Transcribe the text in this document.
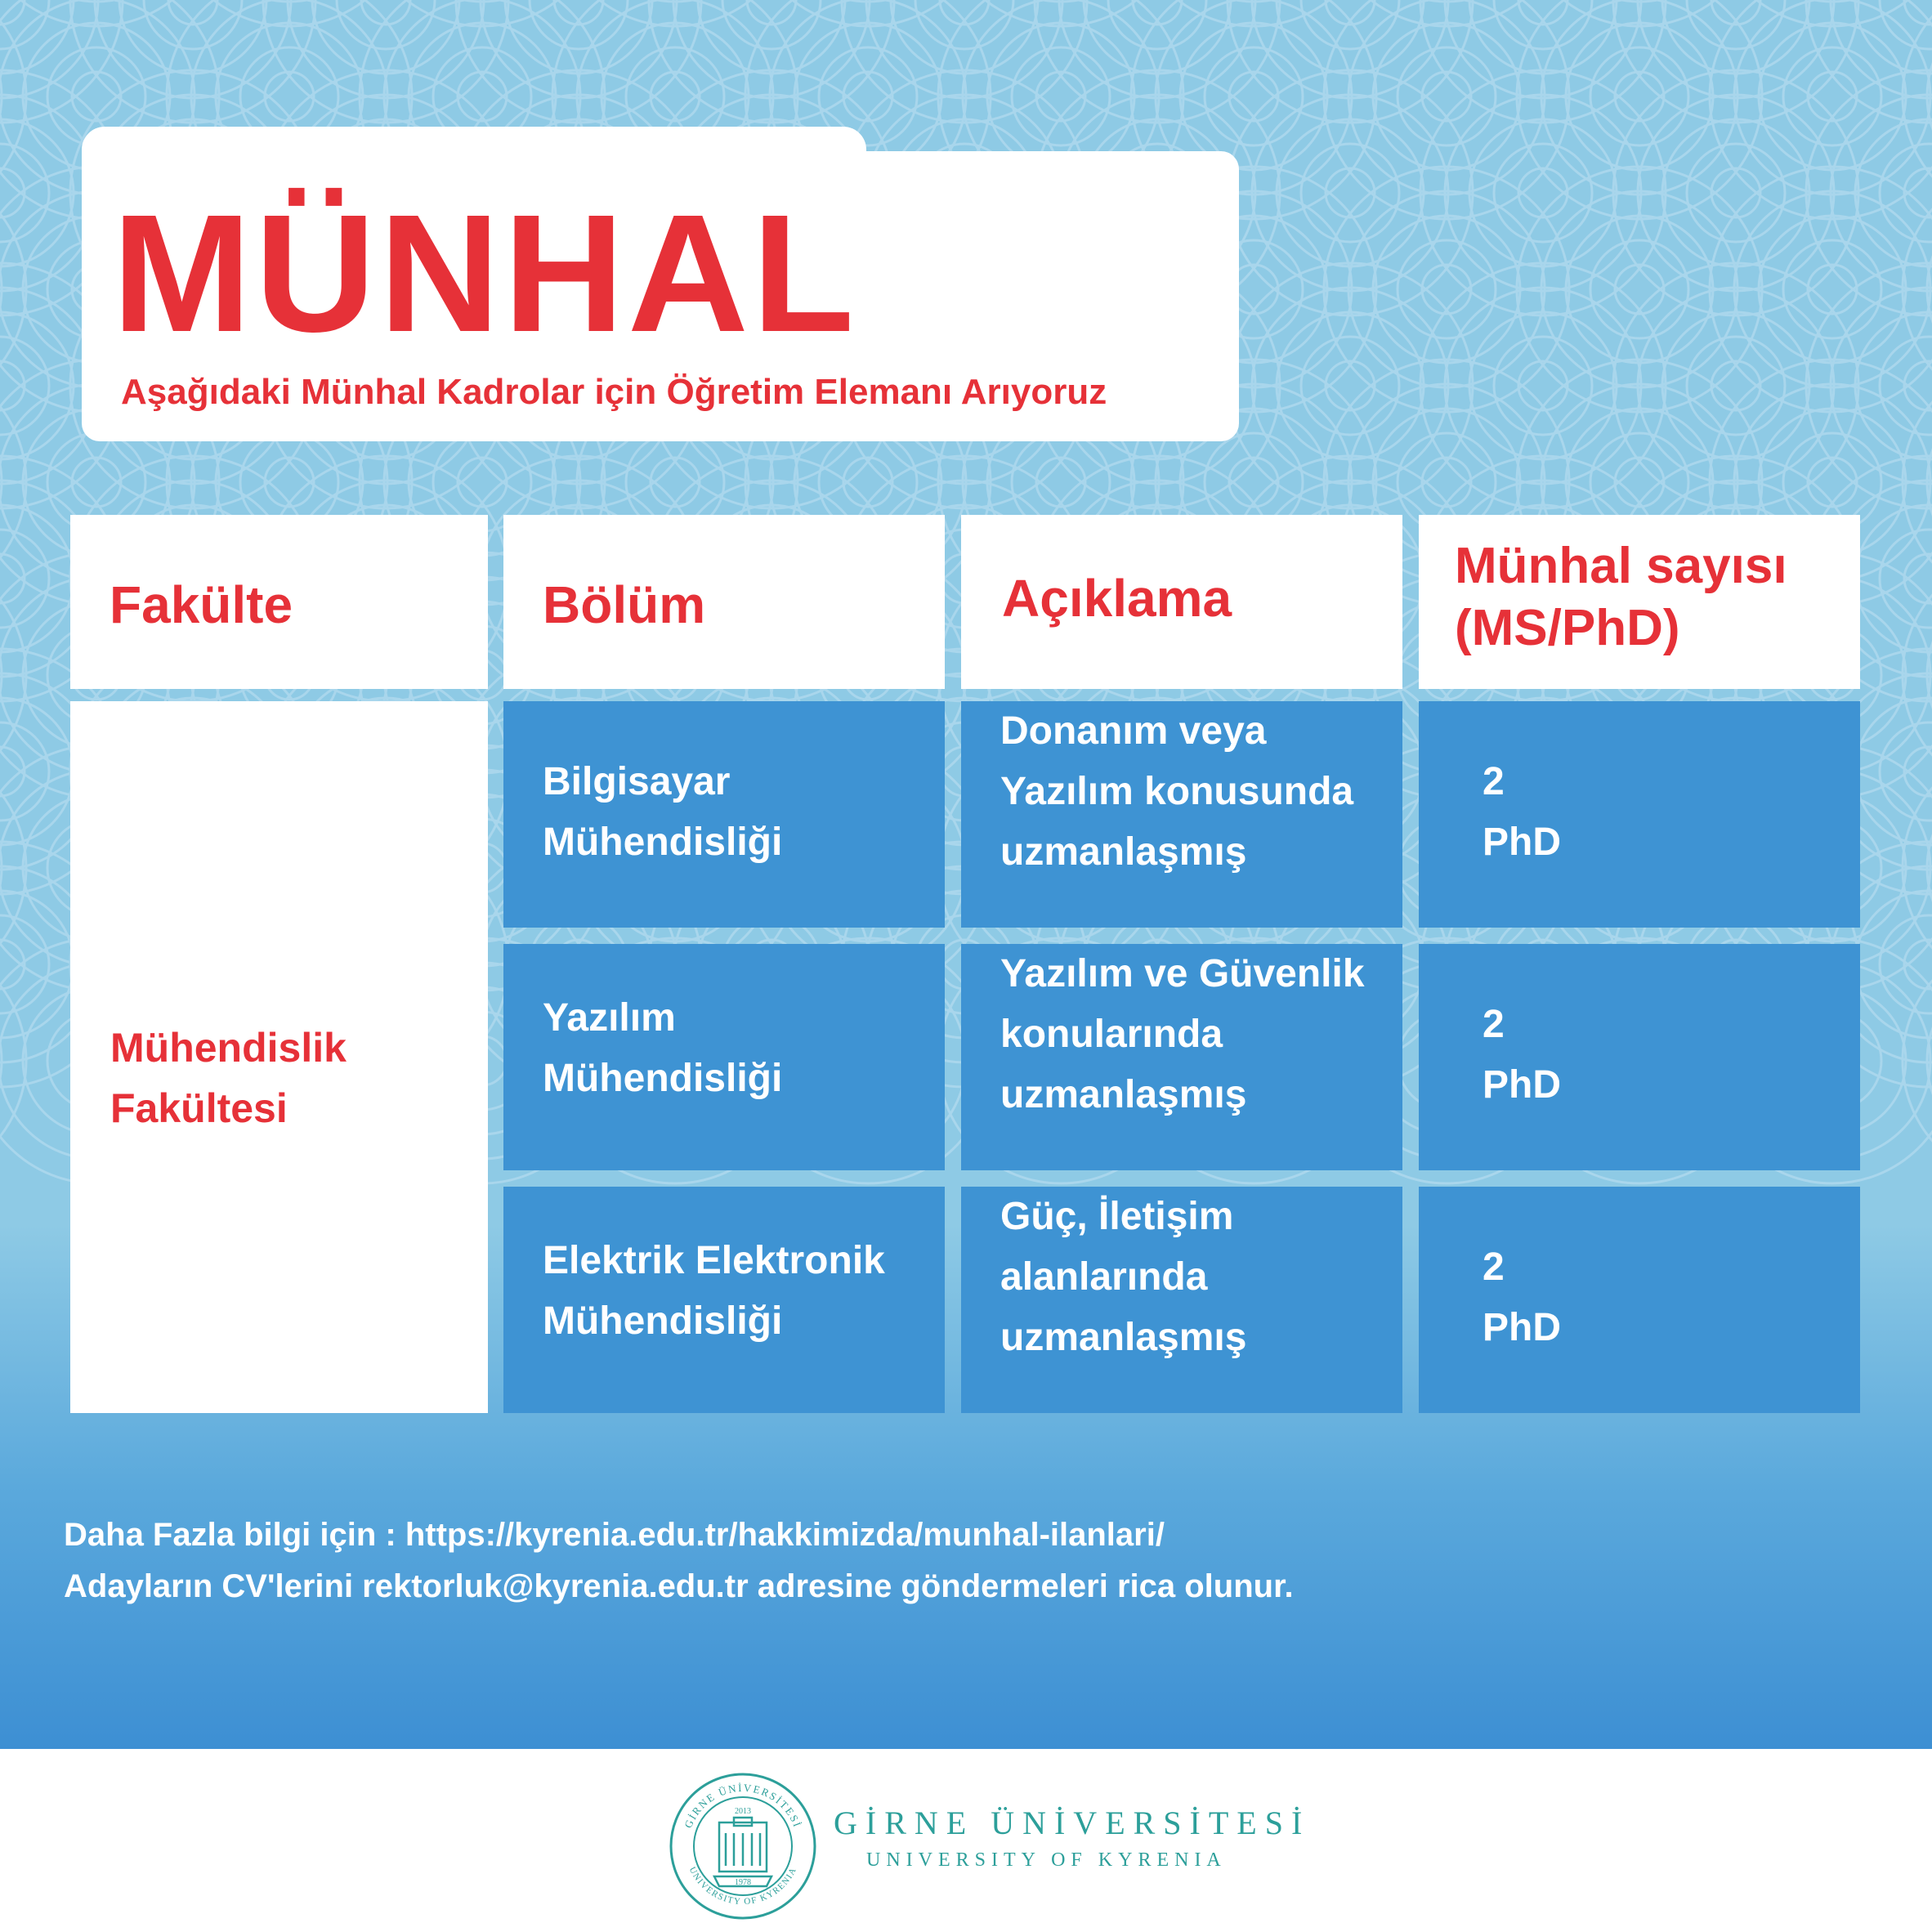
MÜNHAL
Aşağıdaki Münhal Kadrolar için Öğretim Elemanı Arıyoruz
Fakülte	Bölüm	Açıklama
Münhal sayısı
(MS/PhD)
Mühendislik
Fakültesi
Bilgisayar
Mühendisliği
Donanım veya
Yazılım konusunda
uzmanlaşmış
2
PhD
Yazılım
Mühendisliği
Yazılım ve Güvenlik
konularında
uzmanlaşmış
2
PhD
Elektrik Elektronik
Mühendisliği
Güç, İletişim
alanlarında
uzmanlaşmış
2
PhD
Daha Fazla bilgi için : https://kyrenia.edu.tr/hakkimizda/munhal-ilanlari/
Adayların CV'lerini rektorluk@kyrenia.edu.tr adresine göndermeleri rica olunur.
GİRNE ÜNİVERSİTESİ
UNIVERSITY OF KYRENIA
2013
1978
GİRNE ÜNİVERSİTESİ
UNIVERSITY OF KYRENIA
